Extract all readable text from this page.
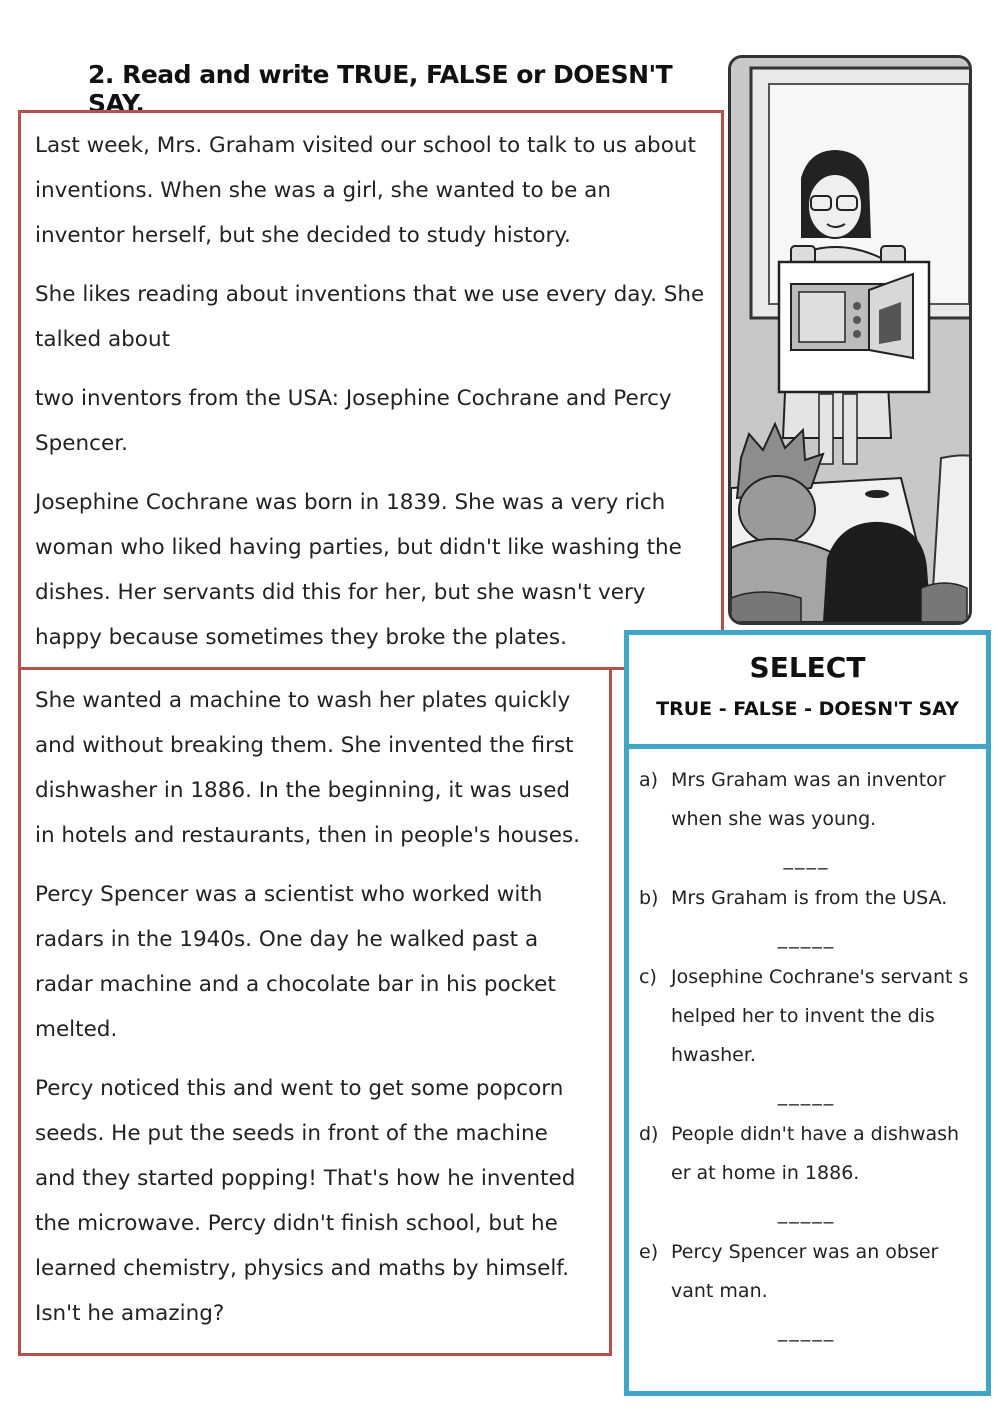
2. Read and write TRUE, FALSE or DOESN'T SAY.

Last week, Mrs. Graham visited our school to talk to us about inventions. When she was a girl, she wanted to be an inventor herself, but she decided to study history.

She likes reading about inventions that we use every day. She talked about

two inventors from the USA: Josephine Cochrane and Percy Spencer.

Josephine Cochrane was born in 1839. She was a very rich woman who liked having parties, but didn't like washing the dishes. Her servants did this for her, but she wasn't very happy because sometimes they broke the plates.

She wanted a machine to wash her plates quickly and without breaking them. She invented the first dishwasher in 1886. In the beginning, it was used in hotels and restaurants, then in people's houses.

Percy Spencer was a scientist who worked with radars in the 1940s. One day he walked past a radar machine and a chocolate bar in his pocket melted.

Percy noticed this and went to get some popcorn seeds. He put the seeds in front of the machine and they started popping! That's how he invented the microwave. Percy didn't finish school, but he learned chemistry, physics and maths by himself. Isn't he amazing?

SELECT
TRUE - FALSE - DOESN'T SAY
a) Mrs Graham was an inventor when she was young.
____
b) Mrs Graham is from the USA.
_____
c) Josephine Cochrane's servant s helped her to invent the dis hwasher.
_____
d) People didn't have a dishwash er at home in 1886.
_____
e) Percy Spencer was an obser vant man.
_____
